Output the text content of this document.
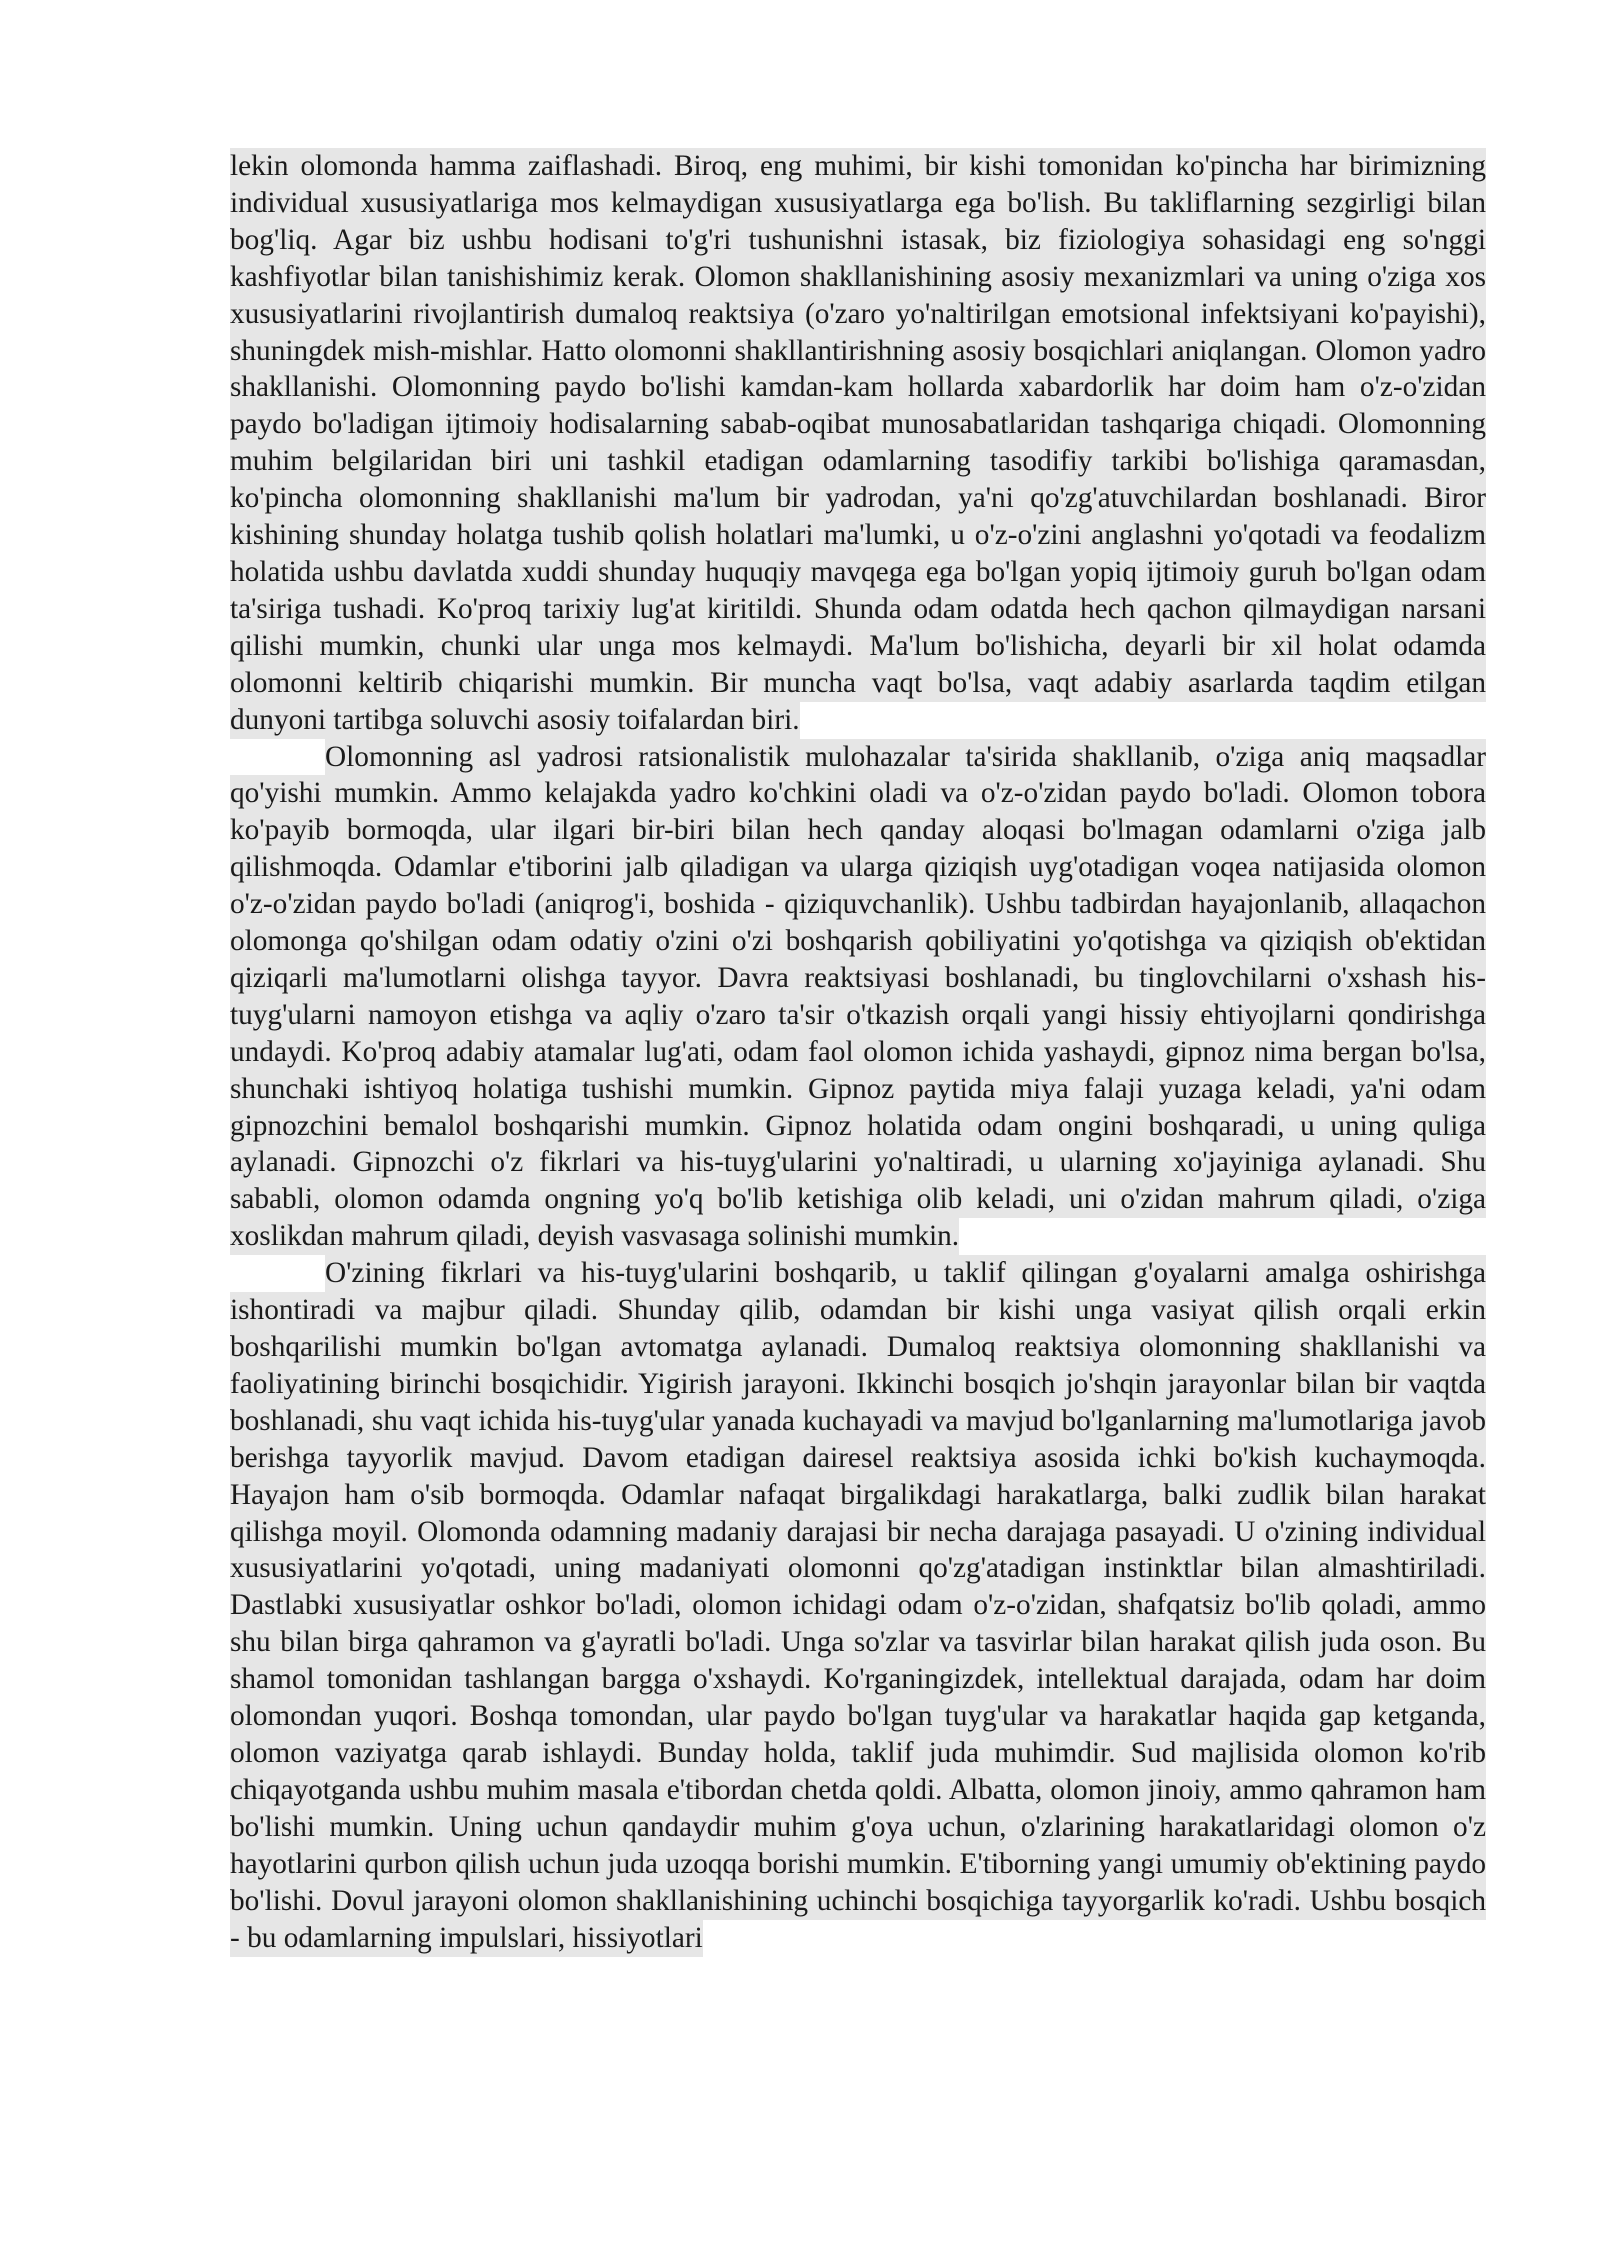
lekin olomonda hamma zaiflashadi. Biroq, eng muhimi, bir kishi tomonidan ko'pincha har birimizning individual xususiyatlariga mos kelmaydigan xususiyatlarga ega bo'lish. Bu takliflarning sezgirligi bilan bog'liq. Agar biz ushbu hodisani to'g'ri tushunishni istasak, biz fiziologiya sohasidagi eng so'nggi kashfiyotlar bilan tanishishimiz kerak. Olomon shakllanishining asosiy mexanizmlari va uning o'ziga xos xususiyatlarini rivojlantirish dumaloq reaktsiya (o'zaro yo'naltirilgan emotsional infektsiyani ko'payishi), shuningdek mish-mishlar. Hatto olomonni shakllantirishning asosiy bosqichlari aniqlangan. Olomon yadro shakllanishi. Olomonning paydo bo'lishi kamdan-kam hollarda xabardorlik har doim ham o'z-o'zidan paydo bo'ladigan ijtimoiy hodisalarning sabab-oqibat munosabatlaridan tashqariga chiqadi. Olomonning muhim belgilaridan biri uni tashkil etadigan odamlarning tasodifiy tarkibi bo'lishiga qaramasdan, ko'pincha olomonning shakllanishi ma'lum bir yadrodan, ya'ni qo'zg'atuvchilardan boshlanadi. Biror kishining shunday holatga tushib qolish holatlari ma'lumki, u o'z-o'zini anglashni yo'qotadi va feodalizm holatida ushbu davlatda xuddi shunday huquqiy mavqega ega bo'lgan yopiq ijtimoiy guruh bo'lgan odam ta'siriga tushadi. Ko'proq tarixiy lug'at kiritildi. Shunda odam odatda hech qachon qilmaydigan narsani qilishi mumkin, chunki ular unga mos kelmaydi. Ma'lum bo'lishicha, deyarli bir xil holat odamda olomonni keltirib chiqarishi mumkin. Bir muncha vaqt bo'lsa, vaqt adabiy asarlarda taqdim etilgan dunyoni tartibga soluvchi asosiy toifalardan biri.

Olomonning asl yadrosi ratsionalistik mulohazalar ta'sirida shakllanib, o'ziga aniq maqsadlar qo'yishi mumkin. Ammo kelajakda yadro ko'chkini oladi va o'z-o'zidan paydo bo'ladi. Olomon tobora ko'payib bormoqda, ular ilgari bir-biri bilan hech qanday aloqasi bo'lmagan odamlarni o'ziga jalb qilishmoqda. Odamlar e'tiborini jalb qiladigan va ularga qiziqish uyg'otadigan voqea natijasida olomon o'z-o'zidan paydo bo'ladi (aniqrog'i, boshida - qiziquvchanlik). Ushbu tadbirdan hayajonlanib, allaqachon olomonga qo'shilgan odam odatiy o'zini o'zi boshqarish qobiliyatini yo'qotishga va qiziqish ob'ektidan qiziqarli ma'lumotlarni olishga tayyor. Davra reaktsiyasi boshlanadi, bu tinglovchilarni o'xshash his-tuyg'ularni namoyon etishga va aqliy o'zaro ta'sir o'tkazish orqali yangi hissiy ehtiyojlarni qondirishga undaydi. Ko'proq adabiy atamalar lug'ati, odam faol olomon ichida yashaydi, gipnoz nima bergan bo'lsa, shunchaki ishtiyoq holatiga tushishi mumkin. Gipnoz paytida miya falaji yuzaga keladi, ya'ni odam gipnozchini bemalol boshqarishi mumkin. Gipnoz holatida odam ongini boshqaradi, u uning quliga aylanadi. Gipnozchi o'z fikrlari va his-tuyg'ularini yo'naltiradi, u ularning xo'jayiniga aylanadi. Shu sababli, olomon odamda ongning yo'q bo'lib ketishiga olib keladi, uni o'zidan mahrum qiladi, o'ziga xoslikdan mahrum qiladi, deyish vasvasaga solinishi mumkin.

O'zining fikrlari va his-tuyg'ularini boshqarib, u taklif qilingan g'oyalarni amalga oshirishga ishontiradi va majbur qiladi. Shunday qilib, odamdan bir kishi unga vasiyat qilish orqali erkin boshqarilishi mumkin bo'lgan avtomatga aylanadi. Dumaloq reaktsiya olomonning shakllanishi va faoliyatining birinchi bosqichidir. Yigirish jarayoni. Ikkinchi bosqich jo'shqin jarayonlar bilan bir vaqtda boshlanadi, shu vaqt ichida his-tuyg'ular yanada kuchayadi va mavjud bo'lganlarning ma'lumotlariga javob berishga tayyorlik mavjud. Davom etadigan dairesel reaktsiya asosida ichki bo'kish kuchaymoqda. Hayajon ham o'sib bormoqda. Odamlar nafaqat birgalikdagi harakatlarga, balki zudlik bilan harakat qilishga moyil. Olomonda odamning madaniy darajasi bir necha darajaga pasayadi. U o'zining individual xususiyatlarini yo'qotadi, uning madaniyati olomonni qo'zg'atadigan instinktlar bilan almashtiriladi. Dastlabki xususiyatlar oshkor bo'ladi, olomon ichidagi odam o'z-o'zidan, shafqatsiz bo'lib qoladi, ammo shu bilan birga qahramon va g'ayratli bo'ladi. Unga so'zlar va tasvirlar bilan harakat qilish juda oson. Bu shamol tomonidan tashlangan bargga o'xshaydi. Ko'rganingizdek, intellektual darajada, odam har doim olomondan yuqori. Boshqa tomondan, ular paydo bo'lgan tuyg'ular va harakatlar haqida gap ketganda, olomon vaziyatga qarab ishlaydi. Bunday holda, taklif juda muhimdir. Sud majlisida olomon ko'rib chiqayotganda ushbu muhim masala e'tibordan chetda qoldi. Albatta, olomon jinoiy, ammo qahramon ham bo'lishi mumkin. Uning uchun qandaydir muhim g'oya uchun, o'zlarining harakatlaridagi olomon o'z hayotlarini qurbon qilish uchun juda uzoqqa borishi mumkin. E'tiborning yangi umumiy ob'ektining paydo bo'lishi. Dovul jarayoni olomon shakllanishining uchinchi bosqichiga tayyorgarlik ko'radi. Ushbu bosqich - bu odamlarning impulslari, hissiyotlari
